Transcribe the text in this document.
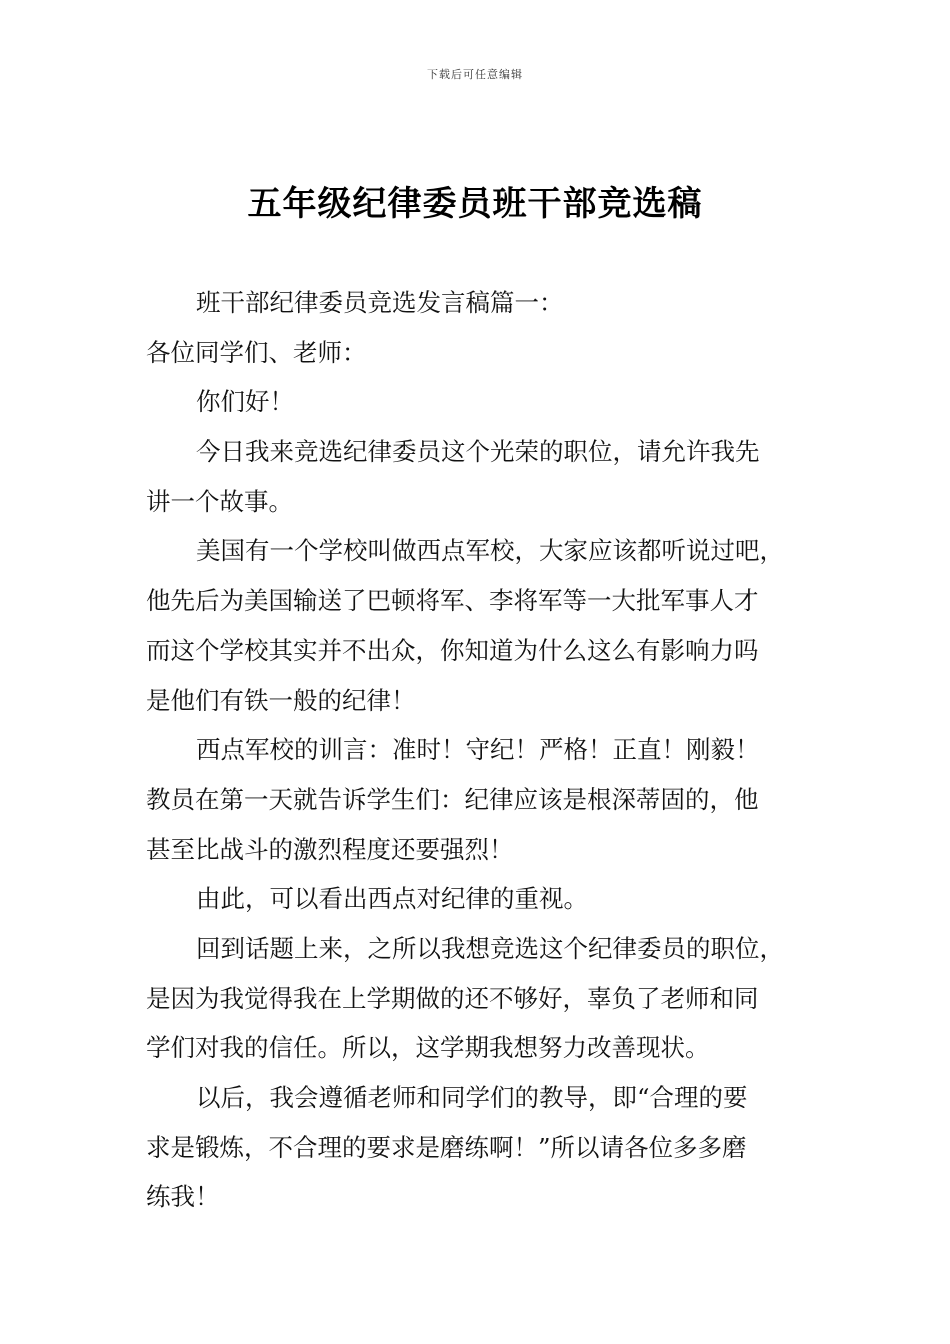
下载后可任意编辑
五年级纪律委员班干部竞选稿
班干部纪律委员竞选发言稿篇一：
各位同学们、老师：
你们好！
今日我来竞选纪律委员这个光荣的职位，请允许我先
讲一个故事。
美国有一个学校叫做西点军校，大家应该都听说过吧，
他先后为美国输送了巴顿将军、李将军等一大批军事人才
而这个学校其实并不出众，你知道为什么这么有影响力吗
是他们有铁一般的纪律！
西点军校的训言：准时！守纪！严格！正直！刚毅！
教员在第一天就告诉学生们：纪律应该是根深蒂固的，他
甚至比战斗的激烈程度还要强烈！
由此，可以看出西点对纪律的重视。
回到话题上来，之所以我想竞选这个纪律委员的职位，
是因为我觉得我在上学期做的还不够好，辜负了老师和同
学们对我的信任。所以，这学期我想努力改善现状。
以后，我会遵循老师和同学们的教导，即“合理的要
求是锻炼，不合理的要求是磨练啊！”所以请各位多多磨
练我！
